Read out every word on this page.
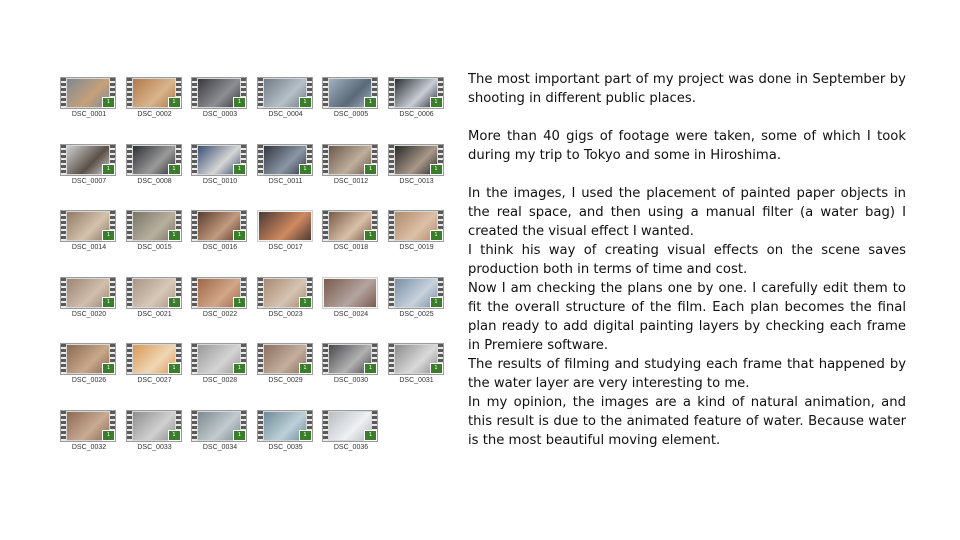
1
DSC_0001
1
DSC_0002
1
DSC_0003
1
DSC_0004
1
DSC_0005
1
DSC_0006
1
DSC_0007
1
DSC_0008
1
DSC_0010
1
DSC_0011
1
DSC_0012
1
DSC_0013
1
DSC_0014
1
DSC_0015
1
DSC_0016	DSC_0017
1
DSC_0018
1
DSC_0019
1
DSC_0020
1
DSC_0021
1
DSC_0022
1
DSC_0023	DSC_0024
1
DSC_0025
1
DSC_0026
1
DSC_0027
1
DSC_0028
1
DSC_0029
1
DSC_0030
1
DSC_0031
1
DSC_0032
1
DSC_0033
1
DSC_0034
1
DSC_0035
1
DSC_0036

The most important part of my project was done in September by shooting in different public places.

More than 40 gigs of footage were taken, some of which I took during my trip to Tokyo and some in Hiroshima.

In the images, I used the placement of painted paper objects in the real space, and then using a manual filter (a water bag) I created the visual effect I wanted.

I think his way of creating visual effects on the scene saves production both in terms of time and cost.

Now I am checking the plans one by one. I carefully edit them to fit the overall structure of the film. Each plan becomes the final plan ready to add digital painting layers by checking each frame in Premiere software.

The results of filming and studying each frame that happened by the water layer are very interesting to me.

In my opinion, the images are a kind of natural animation, and this result is due to the animated feature of water. Because water is the most beautiful moving element.
